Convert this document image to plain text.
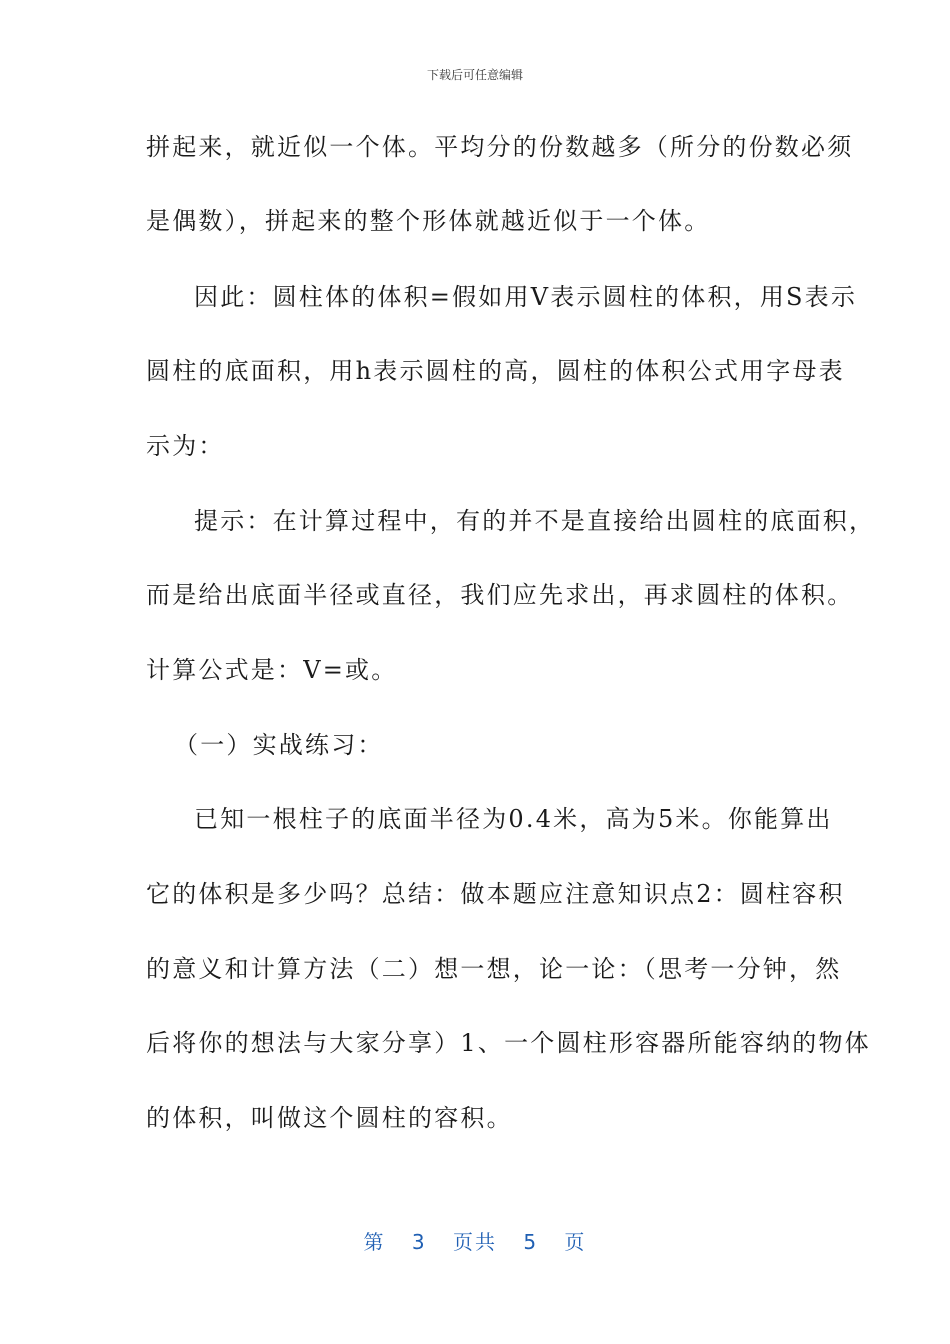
下载后可任意编辑
拼起来，就近似一个体。平均分的份数越多（所分的份数必须
是偶数），拼起来的整个形体就越近似于一个体。
因此：圆柱体的体积=假如用V表示圆柱的体积，用S表示
圆柱的底面积，用h表示圆柱的高，圆柱的体积公式用字母表
示为：
提示：在计算过程中，有的并不是直接给出圆柱的底面积，
而是给出底面半径或直径，我们应先求出，再求圆柱的体积。
计算公式是：V=或。
（一）实战练习：
已知一根柱子的底面半径为0.4米，高为5米。你能算出
它的体积是多少吗？总结：做本题应注意知识点2：圆柱容积
的意义和计算方法（二）想一想，论一论：（思考一分钟，然
后将你的想法与大家分享）1、一个圆柱形容器所能容纳的物体
的体积，叫做这个圆柱的容积。
第 3 页共 5 页
